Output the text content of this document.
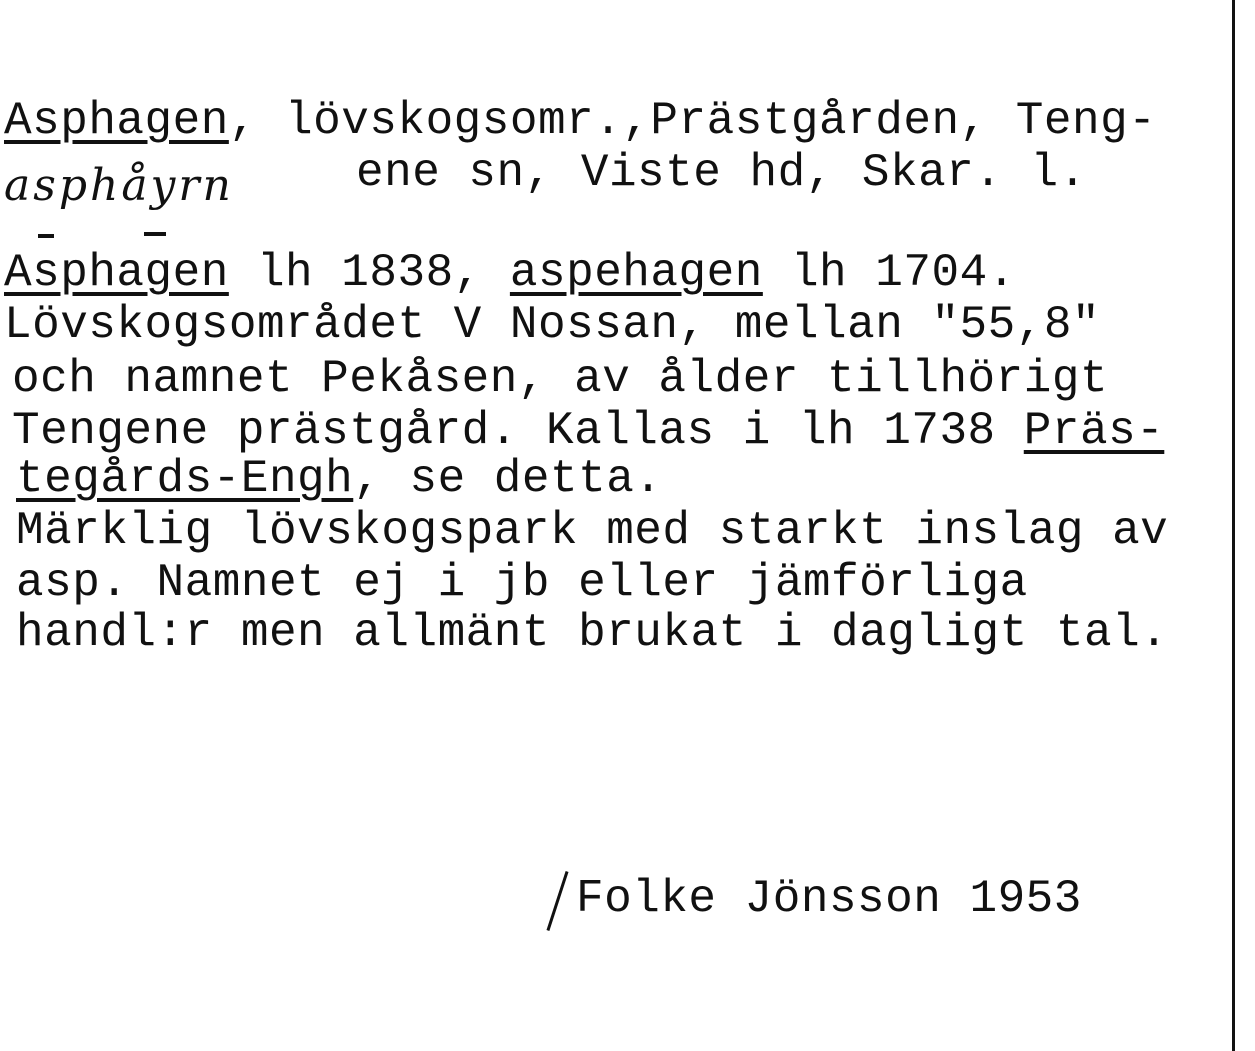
Asphagen, lövskogsomr.,Prästgården, Teng-
asphåyrn	ene sn, Viste hd, Skar. l.
Asphagen lh 1838, aspehagen lh 1704.
Lövskogsområdet V Nossan, mellan "55,8"
och namnet Pekåsen, av ålder tillhörigt
Tengene prästgård. Kallas i lh 1738 Präs-
tegårds-Engh, se detta.
Märklig lövskogspark med starkt inslag av
asp. Namnet ej i jb eller jämförliga
handl:r men allmänt brukat i dagligt tal.
Folke Jönsson 1953
